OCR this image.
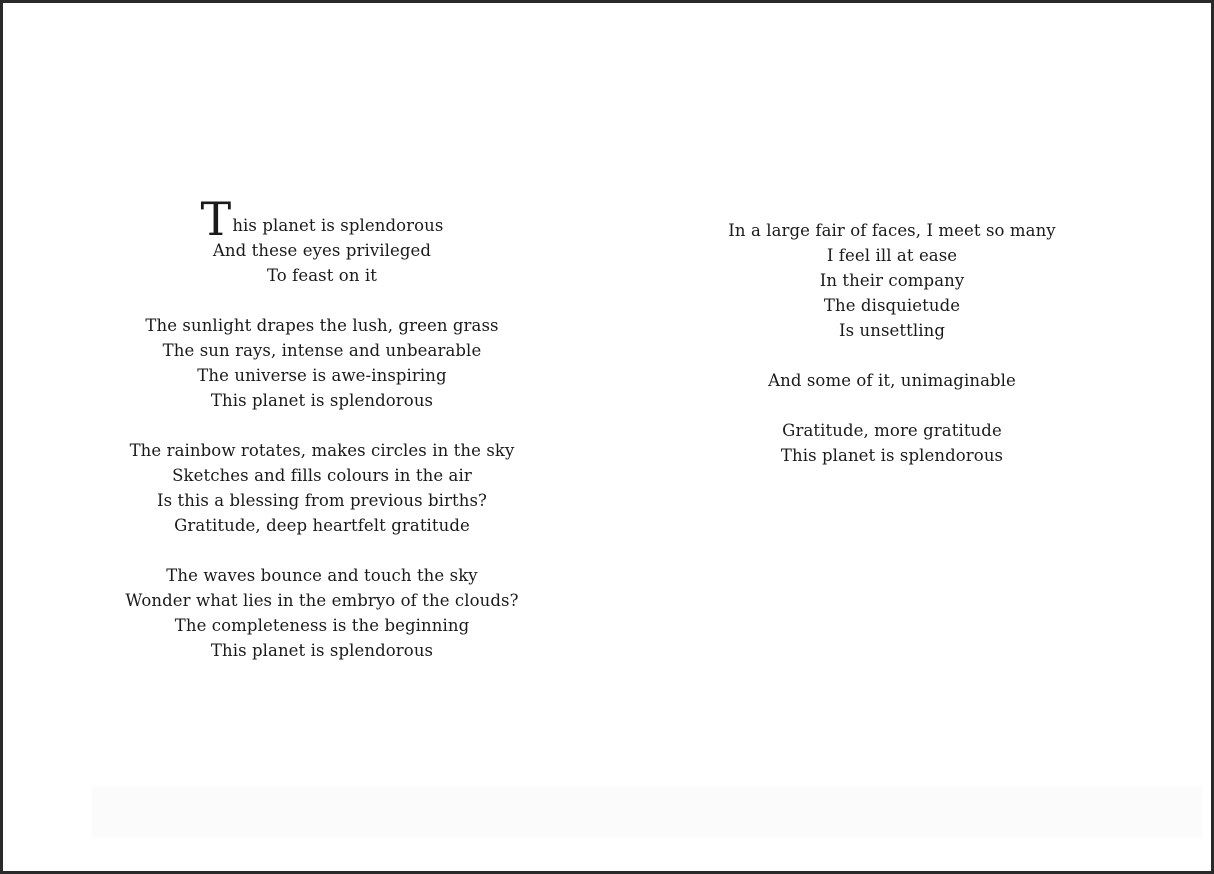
This planet is splendorous
And these eyes privileged
To feast on it
The sunlight drapes the lush, green grass
The sun rays, intense and unbearable
The universe is awe-inspiring
This planet is splendorous
The rainbow rotates, makes circles in the sky
Sketches and fills colours in the air
Is this a blessing from previous births?
Gratitude, deep heartfelt gratitude
The waves bounce and touch the sky
Wonder what lies in the embryo of the clouds?
The completeness is the beginning
This planet is splendorous
In a large fair of faces, I meet so many
I feel ill at ease
In their company
The disquietude
Is unsettling
And some of it, unimaginable
Gratitude, more gratitude
This planet is splendorous
